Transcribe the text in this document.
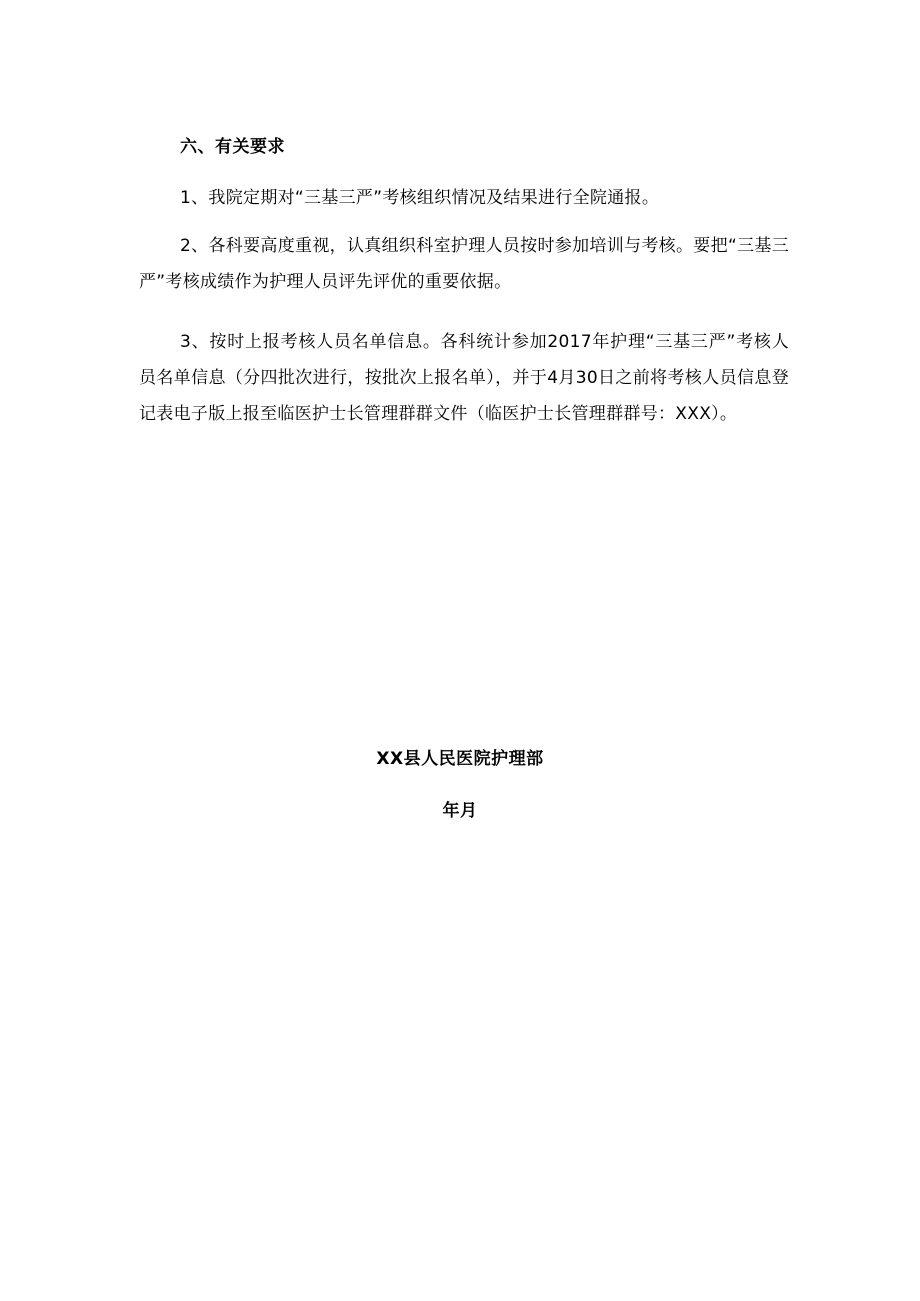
六、有关要求

1、我院定期对“三基三严”考核组织情况及结果进行全院通报。

2、各科要高度重视，认真组织科室护理人员按时参加培训与考核。要把“三基三严”考核成绩作为护理人员评先评优的重要依据。

3、按时上报考核人员名单信息。各科统计参加2017年护理“三基三严”考核人员名单信息（分四批次进行，按批次上报名单），并于4月30日之前将考核人员信息登记表电子版上报至临医护士长管理群群文件（临医护士长管理群群号：XXX）。

XX县人民医院护理部
年月
